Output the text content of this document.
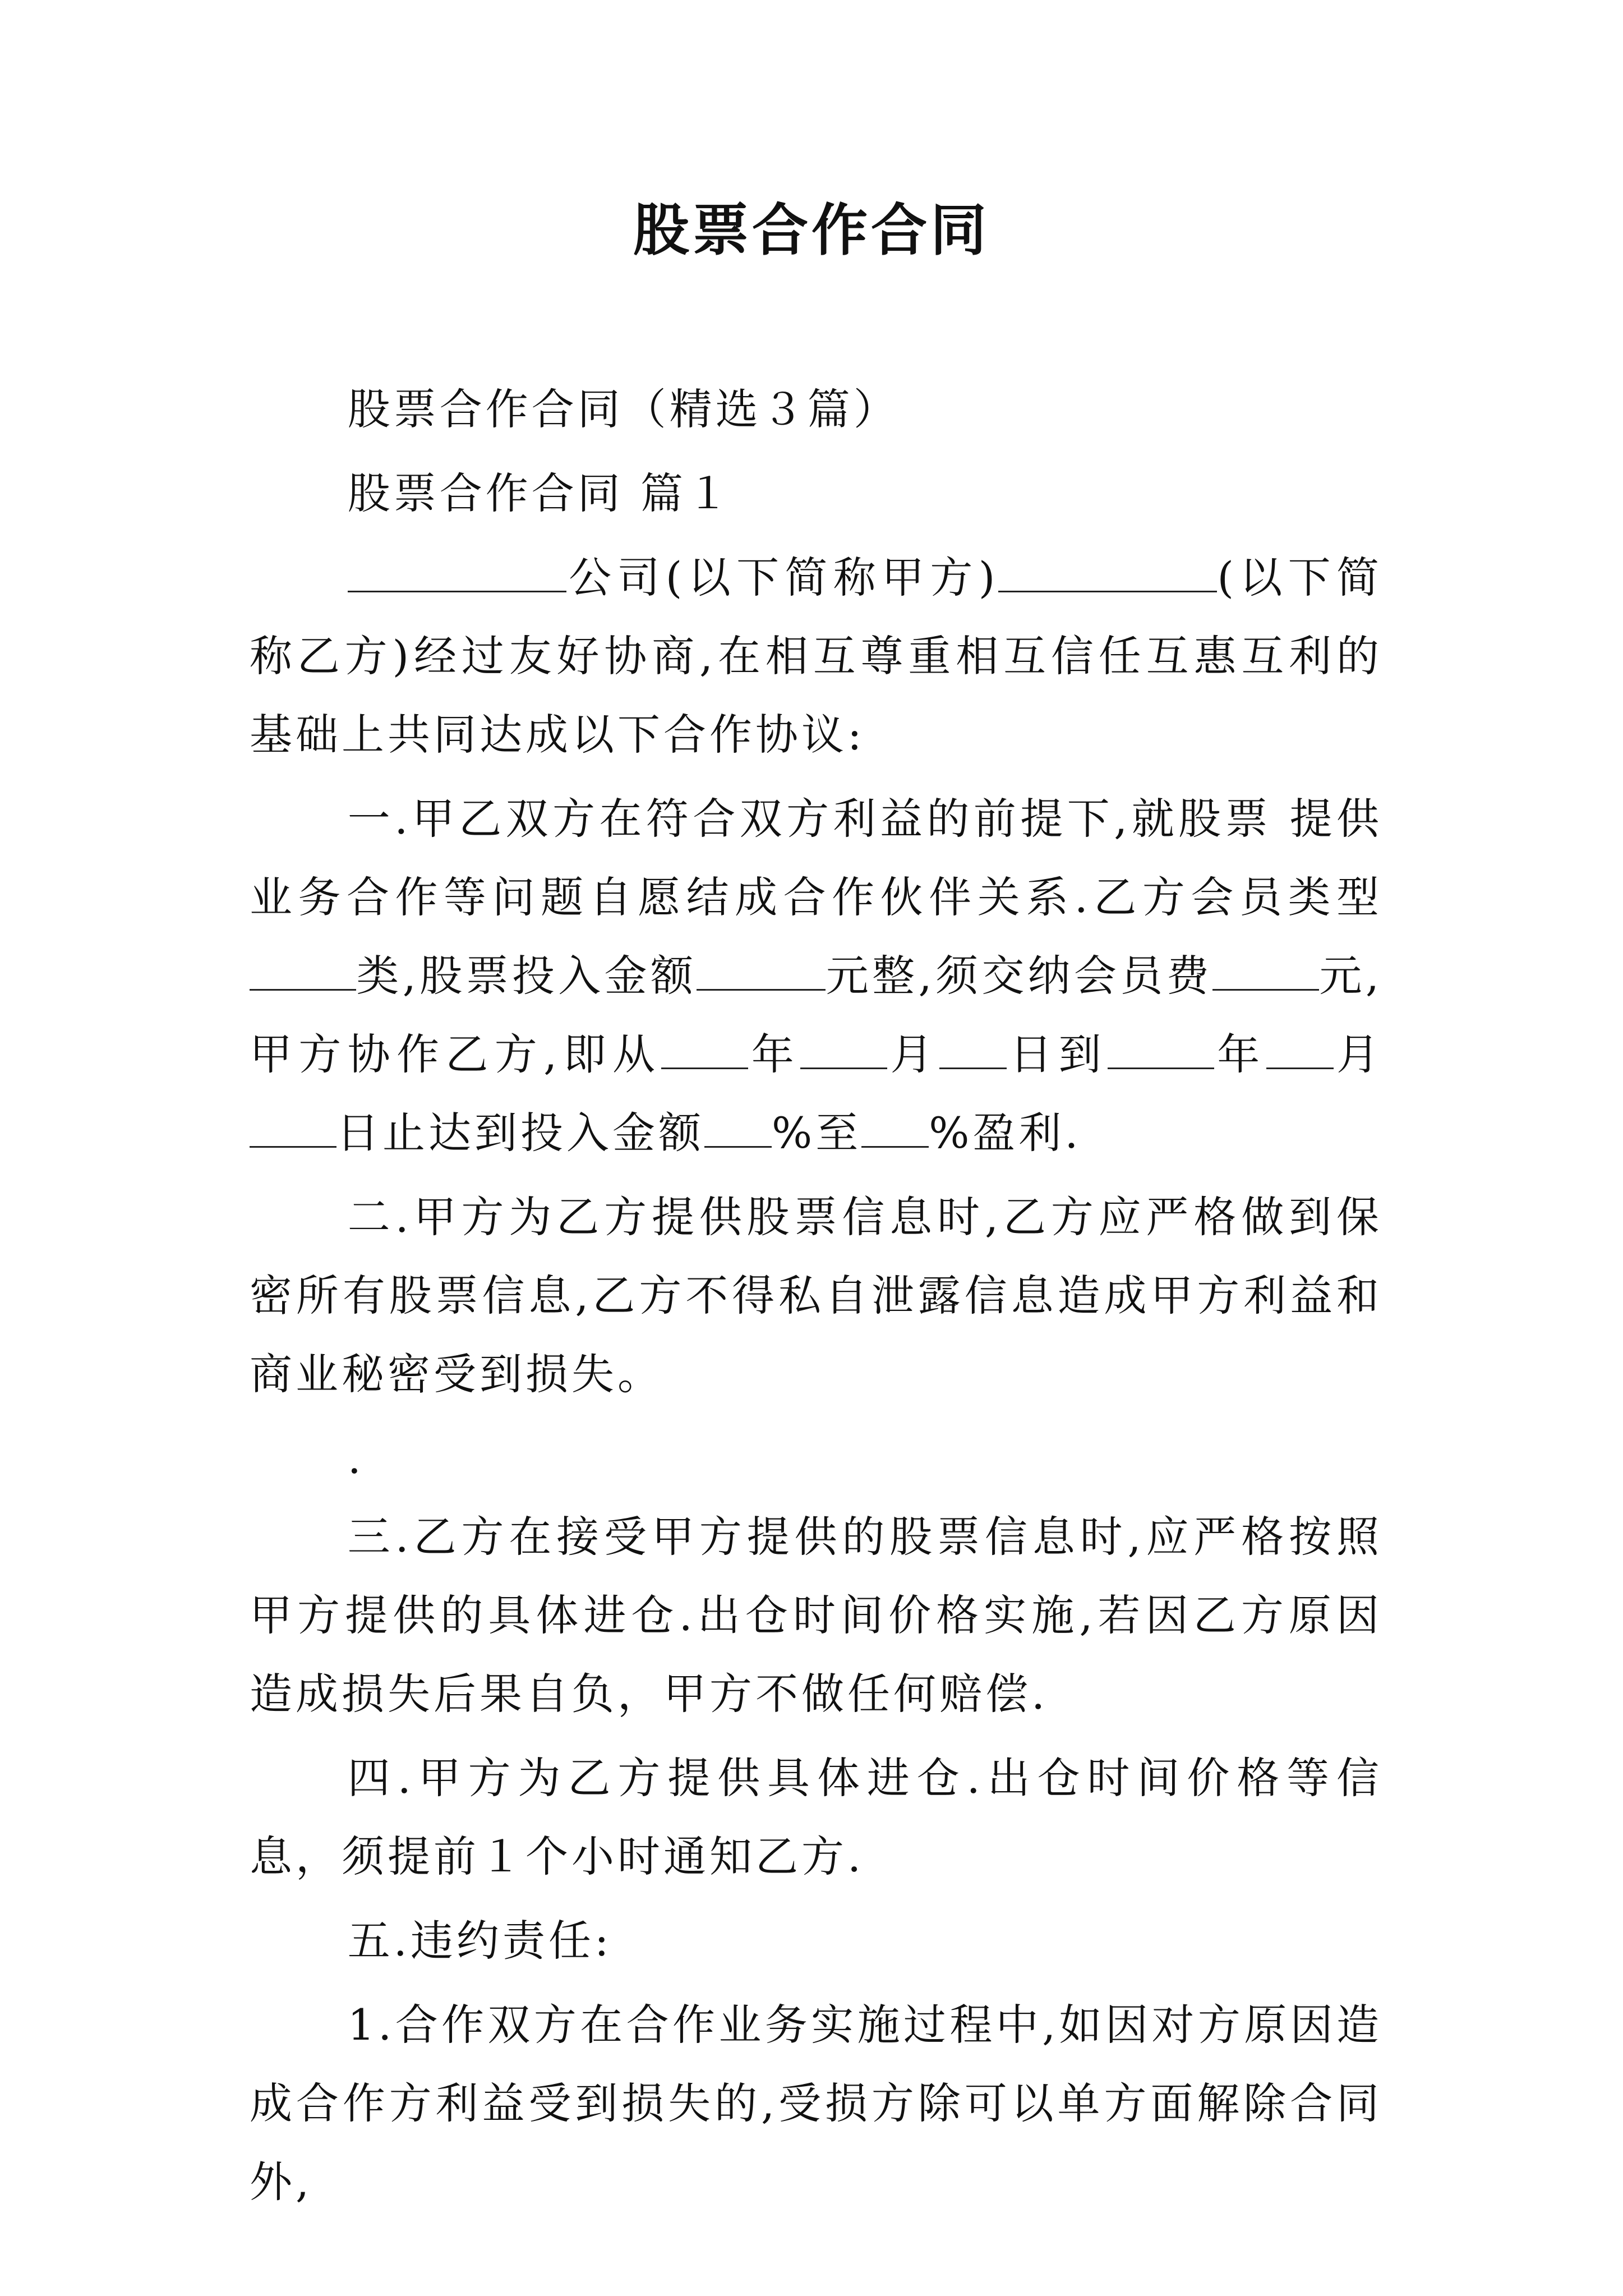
股票合作合同

股票合作合同（精选３篇）

股票合作合同 篇１

公司(以下简称甲方)	(以下简称乙方)经过友好协商,在相互尊重相互信任互惠互利的基础上共同达成以下合作协议:

一.甲乙双方在符合双方利益的前提下,就股票 提供业务合作等问题自愿结成合作伙伴关系.乙方会员类型类,股票投入金额	元整,须交纳会员费	元,甲方协作乙方,即从 年 月 日到	年 月日止达到投入金额 %至 %盈利.

二.甲方为乙方提供股票信息时,乙方应严格做到保密所有股票信息,乙方不得私自泄露信息造成甲方利益和商业秘密受到损失。

.

三.乙方在接受甲方提供的股票信息时,应严格按照甲方提供的具体进仓.出仓时间价格实施,若因乙方原因造成损失后果自负，甲方不做任何赔偿.

四.甲方为乙方提供具体进仓.出仓时间价格等信息，须提前１个小时通知乙方.

五.违约责任:

1.合作双方在合作业务实施过程中,如因对方原因造成合作方利益受到损失的,受损方除可以单方面解除合同外,
